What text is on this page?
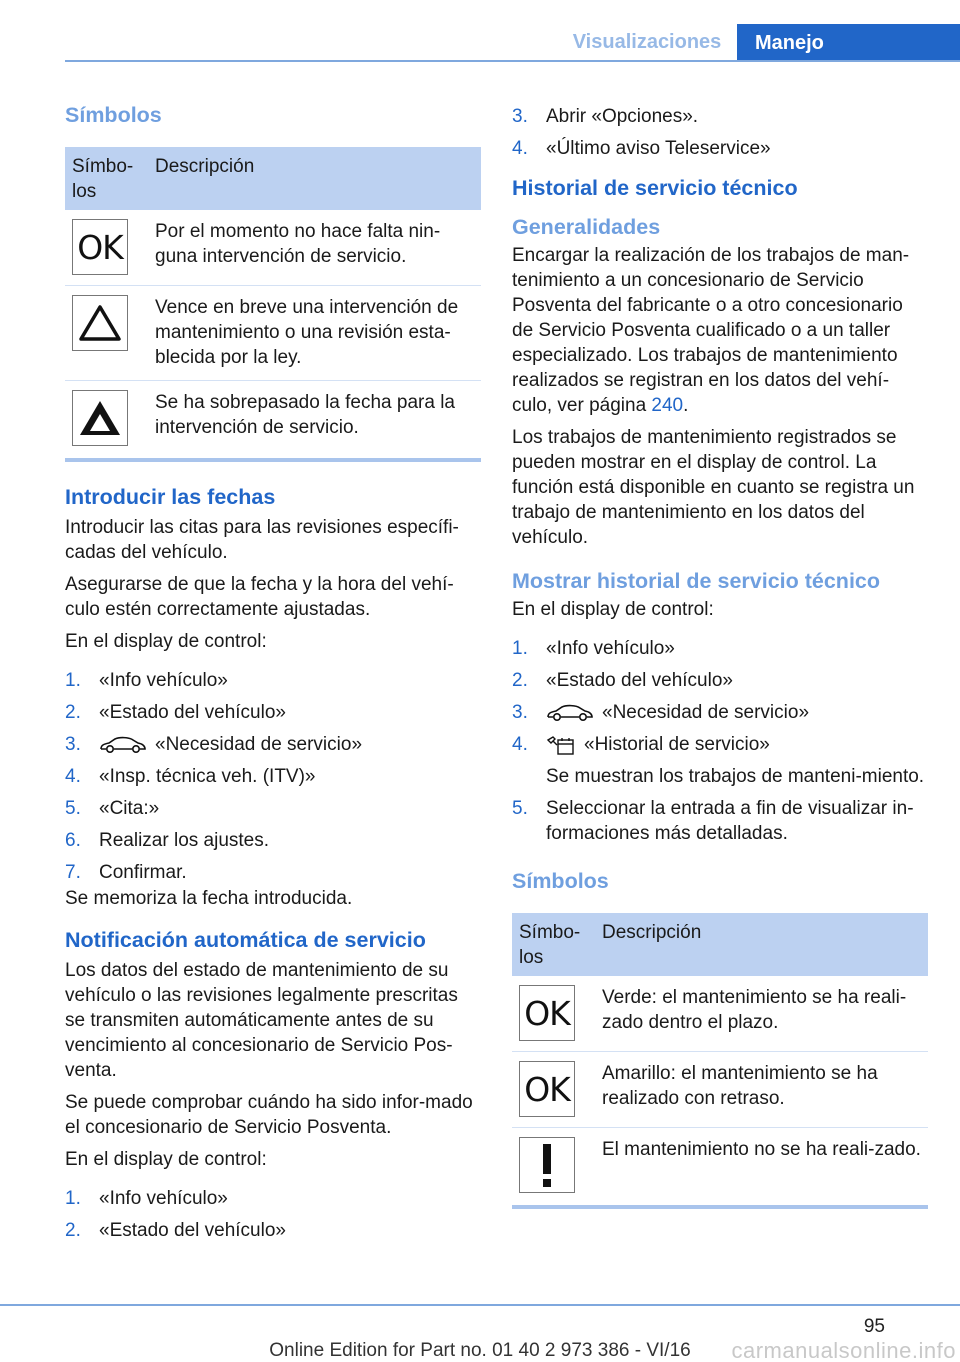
Visualizaciones	Manejo
Símbolos
Símbo-
los	Descripción

OK	Por el momento no hace falta nin-guna intervención de servicio.

	Vence en breve una intervención de mantenimiento o una revisión esta-blecida por la ley.

	Se ha sobrepasado la fecha para la intervención de servicio.
Introducir las fechas

Introducir las citas para las revisiones específi-cadas del vehículo.

Asegurarse de que la fecha y la hora del vehí-culo estén correctamente ajustadas.

En el display de control:

1. «Info vehículo»
2. «Estado del vehículo»
3.	«Necesidad de servicio»
4. «Insp. técnica veh. (ITV)»
5. «Cita:»
6. Realizar los ajustes.
7. Confirmar.

Se memoriza la fecha introducida.

Notificación automática de servicio

Los datos del estado de mantenimiento de su vehículo o las revisiones legalmente prescritas se transmiten automáticamente antes de su vencimiento al concesionario de Servicio Pos-venta.

Se puede comprobar cuándo ha sido infor-mado el concesionario de Servicio Posventa.

En el display de control:

1. «Info vehículo»
2. «Estado del vehículo»
3. Abrir «Opciones».
4. «Último aviso Teleservice»
Historial de servicio técnico
Generalidades

Encargar la realización de los trabajos de man-tenimiento a un concesionario de Servicio Posventa del fabricante o a otro concesionario de Servicio Posventa cualificado o a un taller especializado. Los trabajos de mantenimiento realizados se registran en los datos del vehí-culo, ver página 240.

Los trabajos de mantenimiento registrados se pueden mostrar en el display de control. La función está disponible en cuanto se registra un trabajo de mantenimiento en los datos del vehículo.

Mostrar historial de servicio técnico

En el display de control:

1. «Info vehículo»
2. «Estado del vehículo»
3.	«Necesidad de servicio»
4.	«Historial de servicio»
Se muestran los trabajos de manteni-miento.
5. Seleccionar la entrada a fin de visualizar in-formaciones más detalladas.
Símbolos
Símbo-
los	Descripción

OK	Verde: el mantenimiento se ha reali-zado dentro el plazo.

OK	Amarillo: el mantenimiento se ha realizado con retraso.

	El mantenimiento no se ha reali-zado.
95
Online Edition for Part no. 01 40 2 973 386 - VI/16	carmanualsonline.info
